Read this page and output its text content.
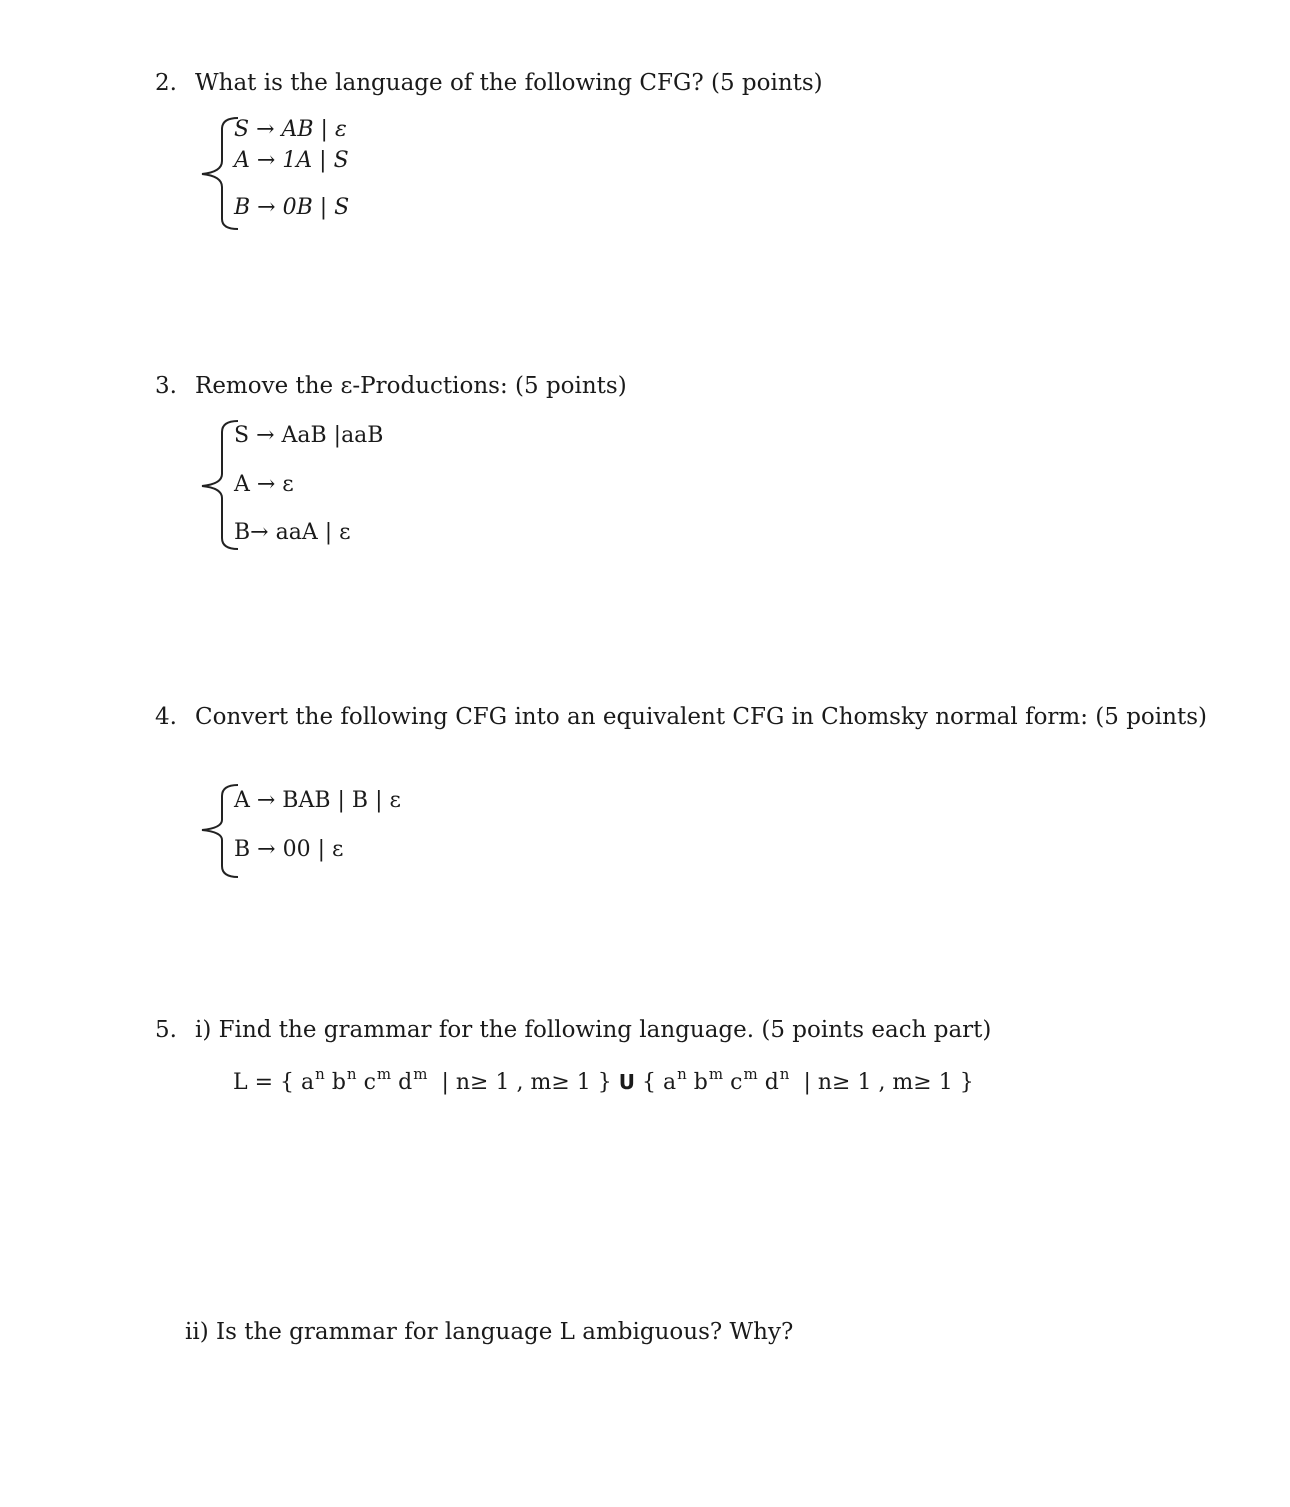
2. What is the language of the following CFG? (5 points)
S → AB | ε
A → 1A | S
B → 0B | S
3. Remove the ε-Productions: (5 points)
S → AaB |aaB
A → ε
B→ aaA | ε
4. Convert the following CFG into an equivalent CFG in Chomsky normal form: (5 points)
A → BAB | B | ε
B → 00 | ε
5. i) Find the grammar for the following language. (5 points each part)
L = { $a^n$ $b^n$ $c^m$ $d^m$ | n≥ 1 , m≥ 1 } U { $a^n$ $b^m$ $c^m$ $d^n$ | n≥ 1 , m≥ 1 }
ii) Is the grammar for language L ambiguous? Why?
